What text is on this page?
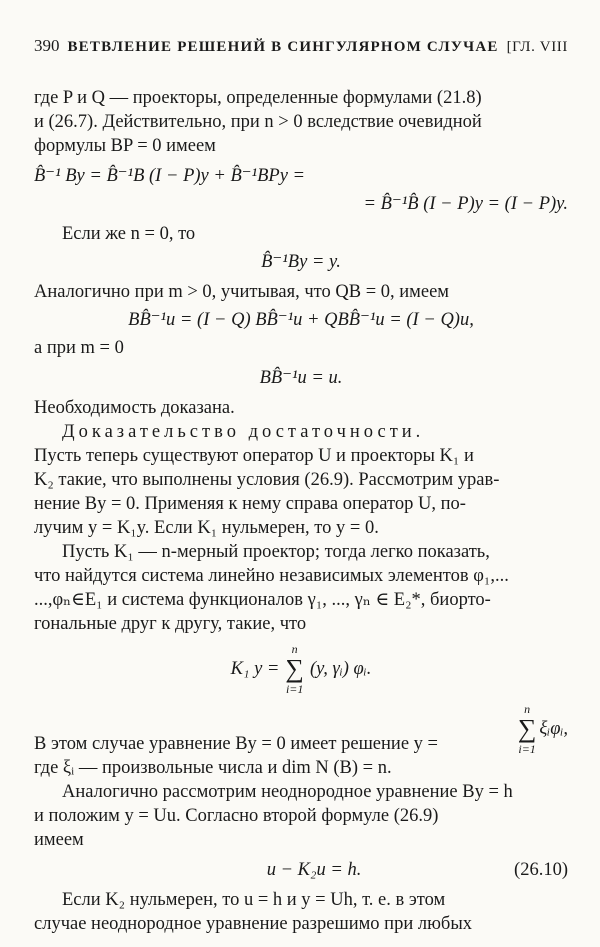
390 ВЕТВЛЕНИЕ РЕШЕНИЙ В СИНГУЛЯРНОМ СЛУЧАЕ [ГЛ. VIII

где P и Q — проекторы, определенные формулами (21.8)

и (26.7). Действительно, при n > 0 вследствие очевидной

формулы BP = 0 имеем

B̂⁻¹ By = B̂⁻¹B (I − P)y + B̂⁻¹BPy =

= B̂⁻¹B̂ (I − P)y = (I − P)y.

Если же n = 0, то

B̂⁻¹By = y.

Аналогично при m > 0, учитывая, что QB = 0, имеем

BB̂⁻¹u = (I − Q) BB̂⁻¹u + QBB̂⁻¹u = (I − Q)u,

а при m = 0

BB̂⁻¹u = u.

Необходимость доказана.

Доказательство достаточности.

Пусть теперь существуют оператор U и проекторы K₁ и

K₂ такие, что выполнены условия (26.9). Рассмотрим урав-

нение By = 0. Применяя к нему справа оператор U, по-

лучим y = K₁y. Если K₁ нульмерен, то y = 0.

Пусть K₁ — n-мерный проектор; тогда легко показать,

что найдутся система линейно независимых элементов φ₁,...

...,φₙ∈E₁ и система функционалов γ₁, ..., γₙ ∈ E₂*, биорто-

гональные друг к другу, такие, что

K₁ y =
n
∑
i=1
(y, γᵢ) φᵢ.
В этом случае уравнение By = 0 имеет решение y =
n
∑
i=1
ξᵢφᵢ,

где ξᵢ — произвольные числа и dim N (B) = n.

Аналогично рассмотрим неоднородное уравнение By = h

и положим y = Uu. Согласно второй формуле (26.9)

имеем

u − K₂u = h.	(26.10)

Если K₂ нульмерен, то u = h и y = Uh, т. е. в этом

случае неоднородное уравнение разрешимо при любых
